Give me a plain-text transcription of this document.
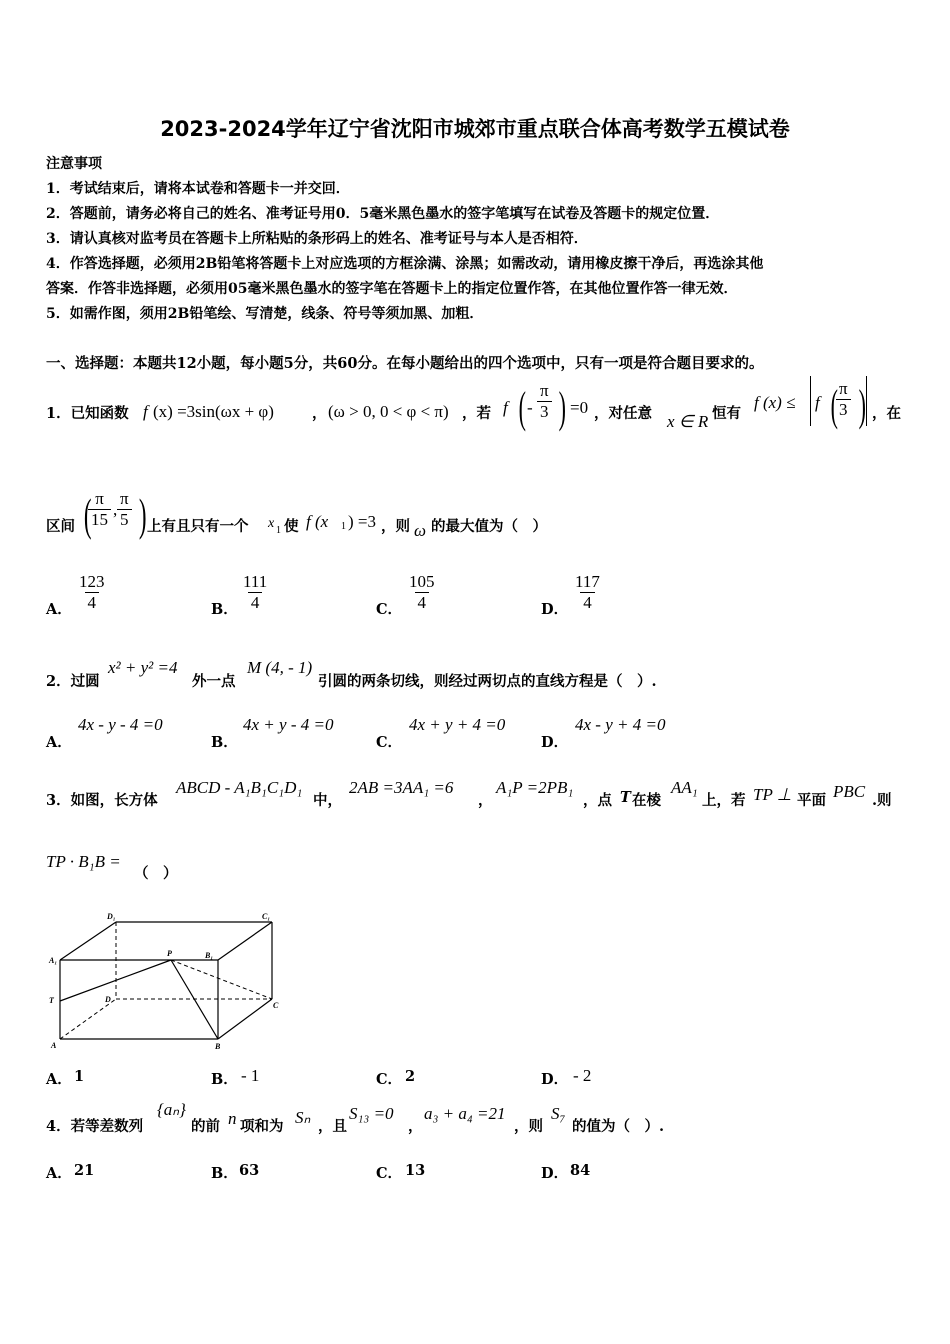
2023-2024学年辽宁省沈阳市城郊市重点联合体高考数学五模试卷
注意事项
1．考试结束后，请将本试卷和答题卡一并交回．
2．答题前，请务必将自己的姓名、准考证号用0．5毫米黑色墨水的签字笔填写在试卷及答题卡的规定位置．
3．请认真核对监考员在答题卡上所粘贴的条形码上的姓名、准考证号与本人是否相符．
4．作答选择题，必须用2B铅笔将答题卡上对应选项的方框涂满、涂黑；如需改动，请用橡皮擦干净后，再选涂其他
答案．作答非选择题，必须用05毫米黑色墨水的签字笔在答题卡上的指定位置作答，在其他位置作答一律无效．
5．如需作图，须用2B铅笔绘、写清楚，线条、符号等须加黑、加粗．
一、选择题：本题共12小题，每小题5分，共60分。在每小题给出的四个选项中，只有一项是符合题目要求的。
1．已知函数 f (x) =3sin(ωx + φ)	， (ω > 0, 0 < φ < π) ，若 f ( - $\frac{\pi}{3}$ ) =0 ，对任意 x ∈ R 恒有
f (x) ≤ f (
$\frac{\pi}{3}$ ) ，在
区间 (
$\frac{\pi}{15}$ , $\frac{\pi}{5}$ ) 上有且只有一个 x 1 使 f (x 1 ) =3 ，则 ω 的最大值为（　）
A． $\frac{123}{4}$	B． $\frac{111}{4}$	C． $\frac{105}{4}$	D． $\frac{117}{4}$
2．过圆
x² + y² =4
外一点
M (4, - 1)
引圆的两条切线，则经过两切点的直线方程是（　）.
A．
4x - y - 4 =0
B．
4x + y - 4 =0
C．
4x + y + 4 =0
D．
4x - y + 4 =0
3．如图，长方体
ABCD - A₁B₁C₁D₁
中，
2AB =3AA₁ =6
，
A₁P =2PB₁
，点 T 在棱
AA₁
上，若 TP ⊥ 平面 PBC .则
TP · B₁B =
（　）
D₁	C₁
A₁
P	B₁
T	D
C
A	B
A． 1	B． - 1	C． 2	D． - 2
4．若等差数列
{aₙ}
的前 n 项和为 Sₙ ，且
S₁₃ =0
，
a₃ + a₄ =21
，则
S₇
的值为（　）.
A． 21	B． 63	C． 13	D． 84
